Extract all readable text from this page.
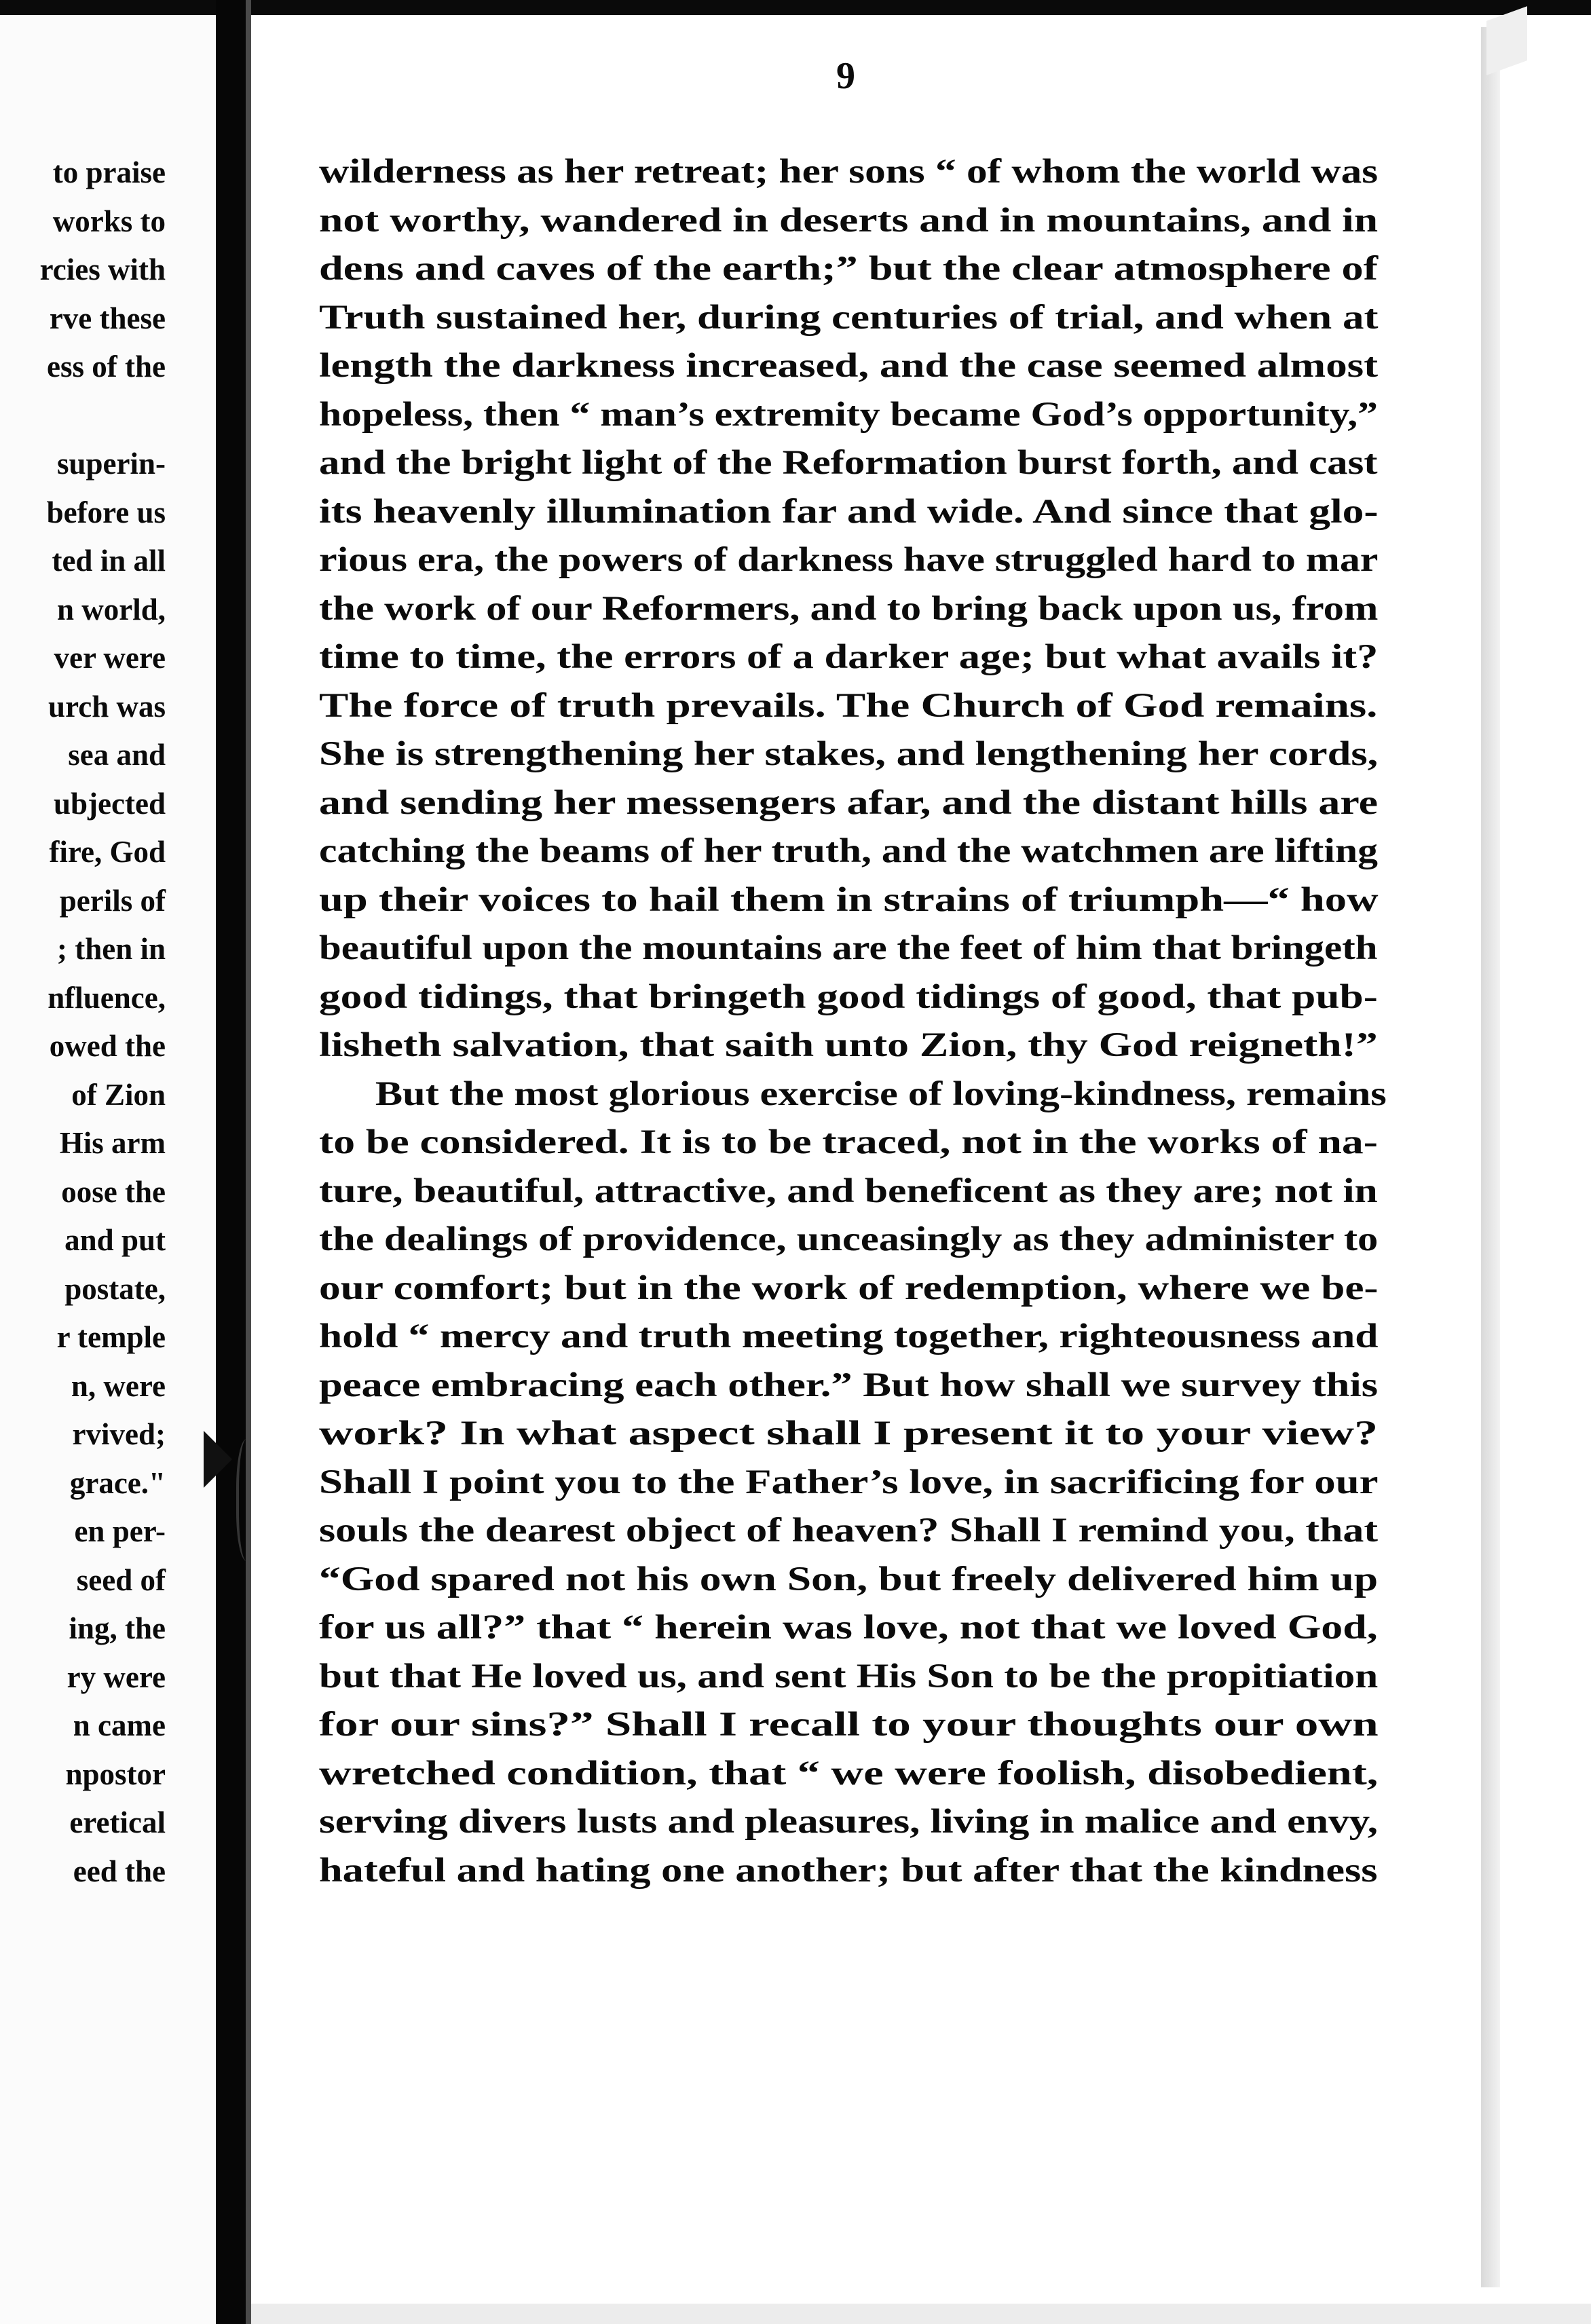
to praise
works to
rcies with
rve these
ess of the
superin-
before us
ted in all
n world,
ver were
urch was
sea and
ubjected
fire, God
perils of
; then in
nfluence,
owed the
of Zion
His arm
oose the
and put
postate,
r temple
n, were
rvived;
grace."
en per-
seed of
ing, the
ry were
n came
npostor
eretical
eed the
9
wilderness as her retreat; her sons “ of whom the world was
not worthy, wandered in deserts and in mountains, and in
dens and caves of the earth;” but the clear atmosphere of
Truth sustained her, during centuries of trial, and when at
length the darkness increased, and the case seemed almost
hopeless, then “ man’s extremity became God’s opportunity,”
and the bright light of the Reformation burst forth, and cast
its heavenly illumination far and wide. And since that glo-
rious era, the powers of darkness have struggled hard to mar
the work of our Reformers, and to bring back upon us, from
time to time, the errors of a darker age; but what avails it?
The force of truth prevails. The Church of God remains.
She is strengthening her stakes, and lengthening her cords,
and sending her messengers afar, and the distant hills are
catching the beams of her truth, and the watchmen are lifting
up their voices to hail them in strains of triumph—“ how
beautiful upon the mountains are the feet of him that bringeth
good tidings, that bringeth good tidings of good, that pub-
lisheth salvation, that saith unto Zion, thy God reigneth!”
But the most glorious exercise of loving-kindness, remains
to be considered. It is to be traced, not in the works of na-
ture, beautiful, attractive, and beneficent as they are; not in
the dealings of providence, unceasingly as they administer to
our comfort; but in the work of redemption, where we be-
hold “ mercy and truth meeting together, righteousness and
peace embracing each other.” But how shall we survey this
work? In what aspect shall I present it to your view?
Shall I point you to the Father’s love, in sacrificing for our
souls the dearest object of heaven? Shall I remind you, that
“God spared not his own Son, but freely delivered him up
for us all?” that “ herein was love, not that we loved God,
but that He loved us, and sent His Son to be the propitiation
for our sins?” Shall I recall to your thoughts our own
wretched condition, that “ we were foolish, disobedient,
serving divers lusts and pleasures, living in malice and envy,
hateful and hating one another; but after that the kindness
